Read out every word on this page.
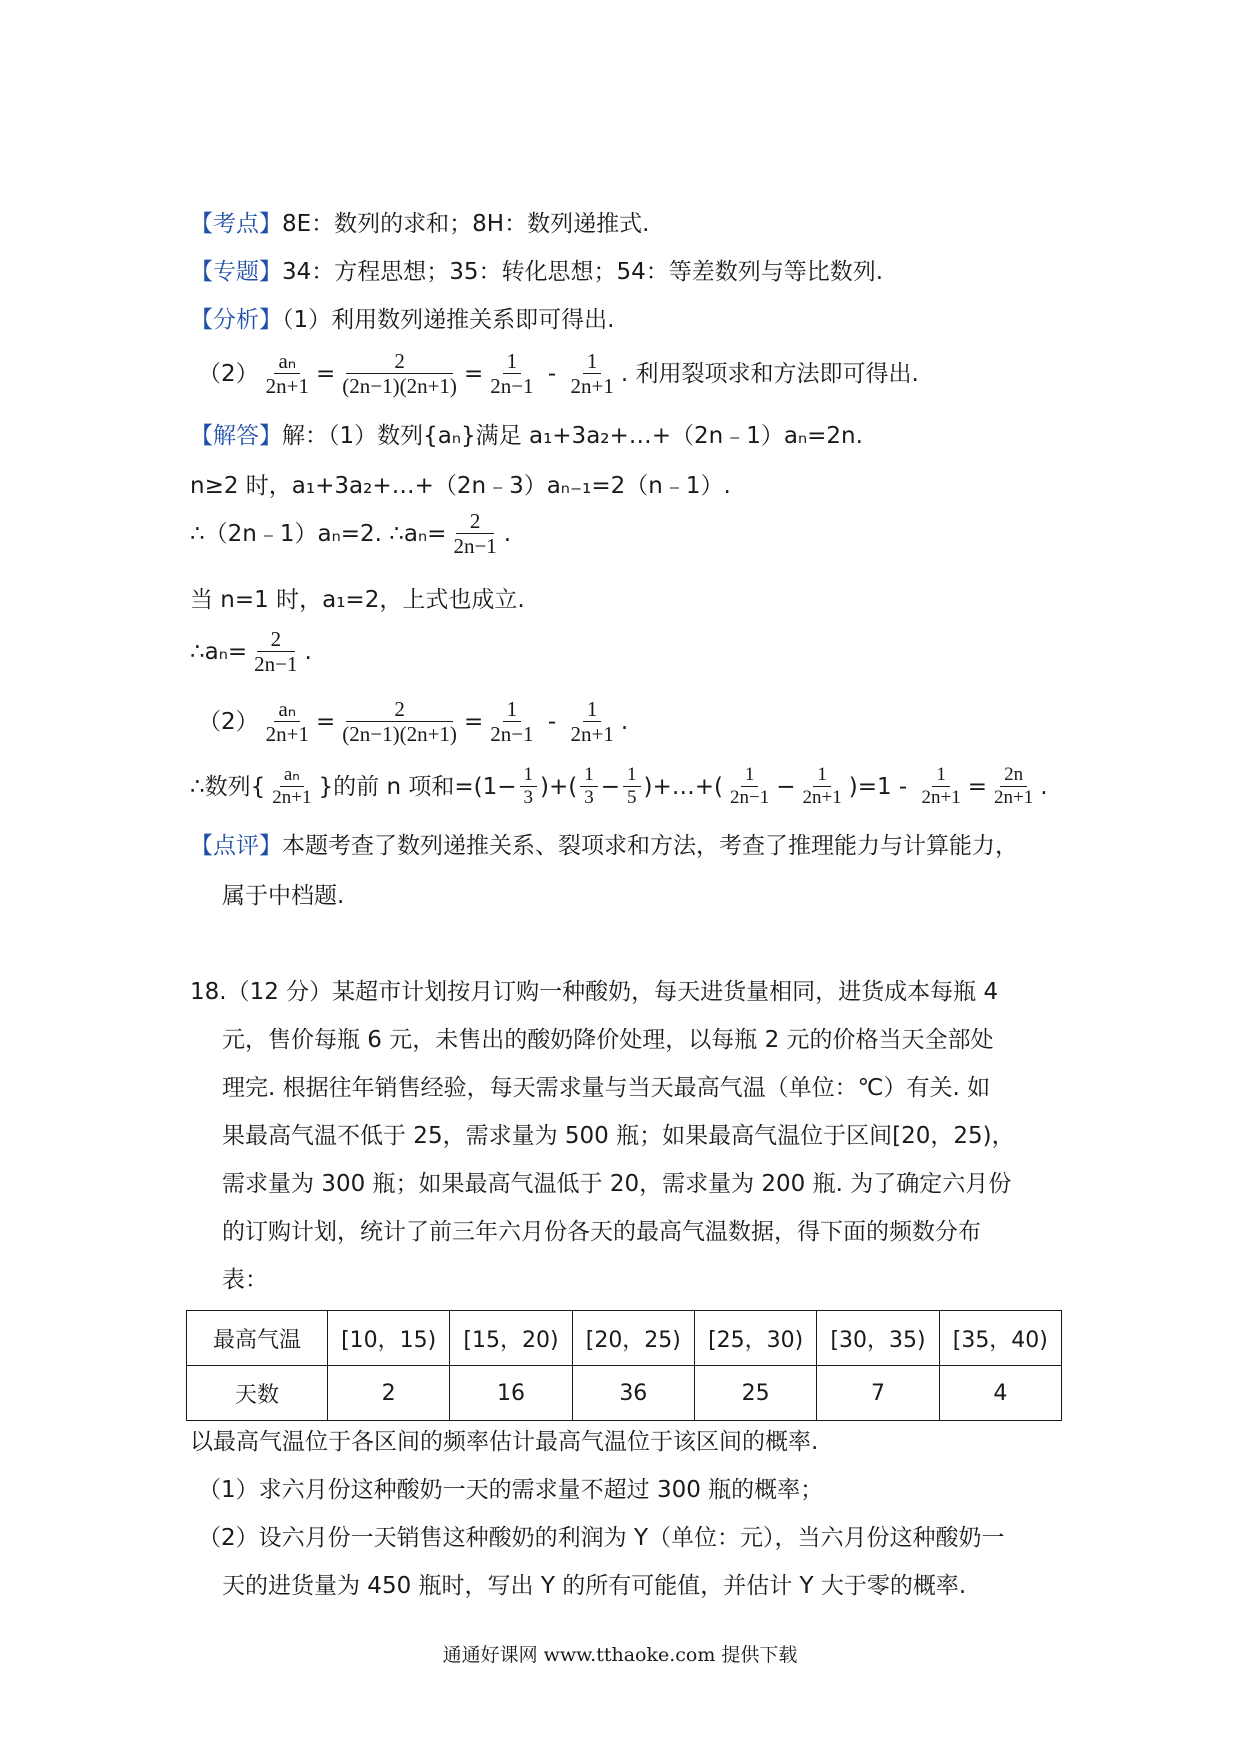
【考点】8E：数列的求和；8H：数列递推式.
【专题】34：方程思想；35：转化思想；54：等差数列与等比数列.
【分析】（1）利用数列递推关系即可得出.
$(2) \frac{\text{aₙ}}{2n+1} = \frac{2}{(2n-1)(2n+1)} = \frac{1}{2n-1} - \frac{1}{2n+1}$ . 利用裂项求和方法即可得出.
【解答】解：（1）数列{aₙ}满足 a₁+3a₂+…+（2n﹣1）aₙ=2n.
n≥2 时，a₁+3a₂+…+（2n﹣3）aₙ₋₁=2（n﹣1）.
∴（2n﹣1）aₙ=2. ∴aₙ= $\frac{2}{2n-1}$ .
当 n=1 时，a₁=2，上式也成立.
∴aₙ= $\frac{2}{2n-1}$ .
$(2) \frac{\text{aₙ}}{2n+1} = \frac{2}{(2n-1)(2n+1)} = \frac{1}{2n-1} - \frac{1}{2n+1}$ .
∴数列{ $\frac{\text{aₙ}}{2n+1}$ }的前 n 项和= ($1- \frac{1}{3}$ )+( $\frac{1}{3} - \frac{1}{5}$ )+…+( $\frac{1}{2n-1} - \frac{1}{2n+1} )=1 - \frac{1}{2n+1} = \frac{2n}{2n+1}$ .
【点评】本题考查了数列递推关系、裂项求和方法，考查了推理能力与计算能力，
属于中档题.
18.（12 分）某超市计划按月订购一种酸奶，每天进货量相同，进货成本每瓶 4
元，售价每瓶 6 元，未售出的酸奶降价处理，以每瓶 2 元的价格当天全部处
理完. 根据往年销售经验，每天需求量与当天最高气温（单位：℃）有关. 如
果最高气温不低于 25，需求量为 500 瓶；如果最高气温位于区间[20，25)，
需求量为 300 瓶；如果最高气温低于 20，需求量为 200 瓶. 为了确定六月份
的订购计划，统计了前三年六月份各天的最高气温数据，得下面的频数分布
表：
最高气温	[10，15)	[15，20)	[20，25)	[25，30)	[30，35)	[35，40)
天数	2	16	36	25	7	4
以最高气温位于各区间的频率估计最高气温位于该区间的概率.
（1）求六月份这种酸奶一天的需求量不超过 300 瓶的概率；
（2）设六月份一天销售这种酸奶的利润为 Y（单位：元），当六月份这种酸奶一
天的进货量为 450 瓶时，写出 Y 的所有可能值，并估计 Y 大于零的概率.
通通好课网 www.tthaoke.com 提供下载
